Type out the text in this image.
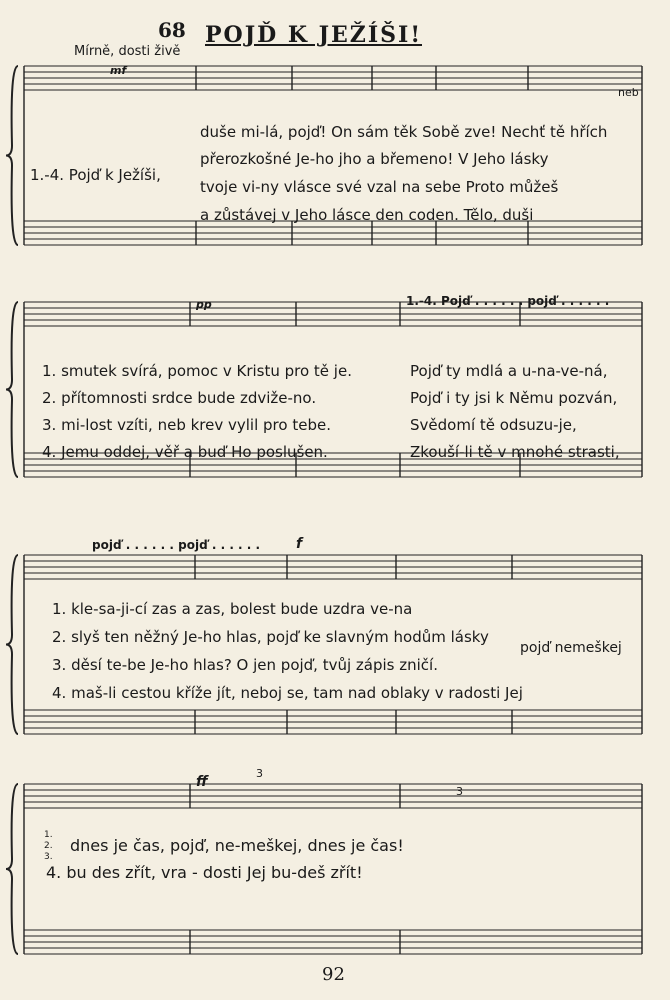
68 POJĎ K JEŽÍŠI!
Mírně, dosti živě
mf
neb
1.-4. Pojď k Ježíši,
duše mi-lá, pojď! On sám těk Sobě zve! Nechť tě hřích
přerozkošné Je-ho jho a břemeno! V Jeho lásky
tvoje vi-ny vlásce své vzal na sebe Proto můžeš
a zůstávej v Jeho lásce den coden. Tělo, duši
pp	1.-4. Pojď . . . . . . pojď . . . . . .
1. smutek svírá, pomoc v Kristu pro tě je.
2. přítomnosti srdce bude zdviže-no.
3. mi-lost vzíti, neb krev vylil pro tebe.
4. Jemu oddej, věř a buď Ho poslušen.
Pojď ty mdlá a u-na-ve-ná,
Pojď i ty jsi k Němu pozván,
Svědomí tě odsuzu-je,
Zkouší-li tě v mnohé strasti,
pojď . . . . . . pojď . . . . . .	f
1. kle-sa-ji-cí zas a zas, bolest bude uzdra ve-na
2. slyš ten něžný Je-ho hlas, pojď ke slavným hodům lásky
3. děsí te-be Je-ho hlas? O jen pojď, tvůj zápis zničí.
4. maš-li cestou kříže jít, neboj se, tam nad oblaky v radosti Jej
pojď nemeškej
ff
3
3
1. 2. 3.
dnes je čas, pojď, ne-meškej, dnes je čas!
4. bu des zřít, vra - dosti Jej bu-deš zřít!
92
